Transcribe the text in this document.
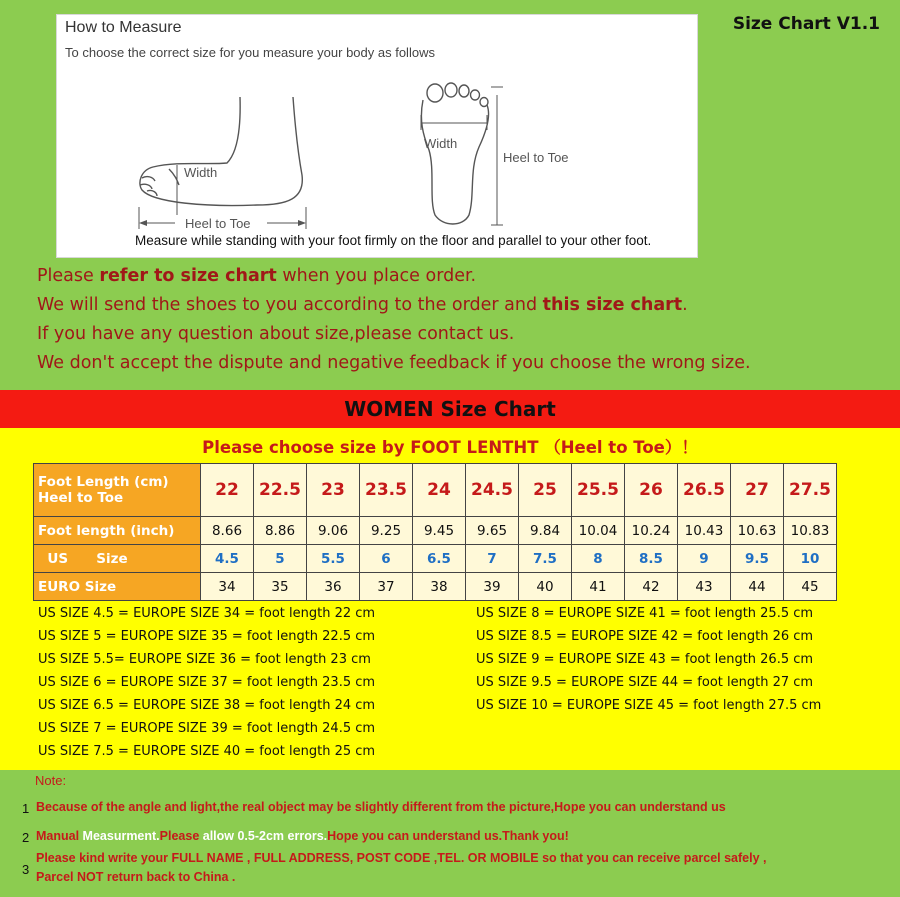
Size Chart V1.1
How to Measure
To choose the correct size for you measure your body as follows
Width
Heel to Toe
Width
Heel to Toe
Measure while standing with your foot firmly on the floor and parallel to your other foot.
Please refer to size chart when you place order.
We will send the shoes to you according to the order and this size chart.
If you have any question about size,please contact us.
We don't accept the dispute and negative feedback if you choose the wrong size.
WOMEN Size Chart
Please choose size by FOOT LENTHT （Heel to Toe）！
Foot Length (cm)
Heel to Toe	22	22.5	23	23.5	24	24.5	25	25.5	26	26.5	27	27.5
Foot length (inch)	8.66	8.86	9.06	9.25	9.45	9.65	9.84	10.04	10.24	10.43	10.63	10.83
US      Size	4.5	5	5.5	6	6.5	7	7.5	8	8.5	9	9.5	10
EURO Size	34	35	36	37	38	39	40	41	42	43	44	45
US SIZE 4.5 = EUROPE SIZE 34 = foot length 22 cm
US SIZE 5 = EUROPE SIZE 35 = foot length 22.5 cm
US SIZE 5.5= EUROPE SIZE 36 = foot length 23 cm
US SIZE 6 = EUROPE SIZE 37 = foot length 23.5 cm
US SIZE 6.5 = EUROPE SIZE 38 = foot length 24 cm
US SIZE 7 = EUROPE SIZE 39 = foot length 24.5 cm
US SIZE 7.5 = EUROPE SIZE 40 = foot length 25 cm
US SIZE 8 = EUROPE SIZE 41 = foot length 25.5 cm
US SIZE 8.5 = EUROPE SIZE 42 = foot length 26 cm
US SIZE 9 = EUROPE SIZE 43 = foot length 26.5 cm
US SIZE 9.5 = EUROPE SIZE 44 = foot length 27 cm
US SIZE 10 = EUROPE SIZE 45 = foot length 27.5 cm
Note:
1 Because of the angle and light,the real object may be slightly different from the picture,Hope you can understand us
2 Manual Measurment.Please allow 0.5-2cm errors.Hope you can understand us.Thank you!
3
Please kind write your FULL NAME , FULL ADDRESS, POST CODE ,TEL. OR MOBILE so that you can receive parcel safely ,
Parcel NOT return back to China .
